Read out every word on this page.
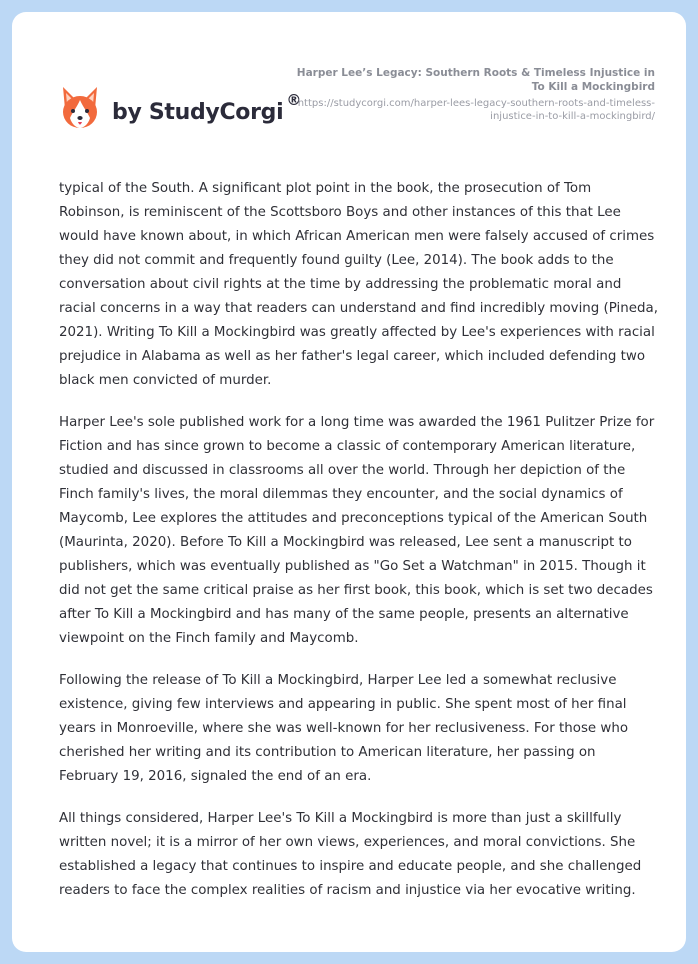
by StudyCorgi ®
Harper Lee’s Legacy: Southern Roots & Timeless Injustice in To Kill a Mockingbird
https://studycorgi.com/harper-lees-legacy-southern-roots-and-timeless-injustice-in-to-kill-a-mockingbird/

typical of the South. A significant plot point in the book, the prosecution of Tom Robinson, is reminiscent of the Scottsboro Boys and other instances of this that Lee would have known about, in which African American men were falsely accused of crimes they did not commit and frequently found guilty (Lee, 2014). The book adds to the conversation about civil rights at the time by addressing the problematic moral and racial concerns in a way that readers can understand and find incredibly moving (Pineda, 2021). Writing To Kill a Mockingbird was greatly affected by Lee's experiences with racial prejudice in Alabama as well as her father's legal career, which included defending two black men convicted of murder.

Harper Lee's sole published work for a long time was awarded the 1961 Pulitzer Prize for Fiction and has since grown to become a classic of contemporary American literature, studied and discussed in classrooms all over the world. Through her depiction of the Finch family's lives, the moral dilemmas they encounter, and the social dynamics of Maycomb, Lee explores the attitudes and preconceptions typical of the American South (Maurinta, 2020). Before To Kill a Mockingbird was released, Lee sent a manuscript to publishers, which was eventually published as "Go Set a Watchman" in 2015. Though it did not get the same critical praise as her first book, this book, which is set two decades after To Kill a Mockingbird and has many of the same people, presents an alternative viewpoint on the Finch family and Maycomb.

Following the release of To Kill a Mockingbird, Harper Lee led a somewhat reclusive existence, giving few interviews and appearing in public. She spent most of her final years in Monroeville, where she was well-known for her reclusiveness. For those who cherished her writing and its contribution to American literature, her passing on February 19, 2016, signaled the end of an era.

All things considered, Harper Lee's To Kill a Mockingbird is more than just a skillfully written novel; it is a mirror of her own views, experiences, and moral convictions. She established a legacy that continues to inspire and educate people, and she challenged readers to face the complex realities of racism and injustice via her evocative writing.
